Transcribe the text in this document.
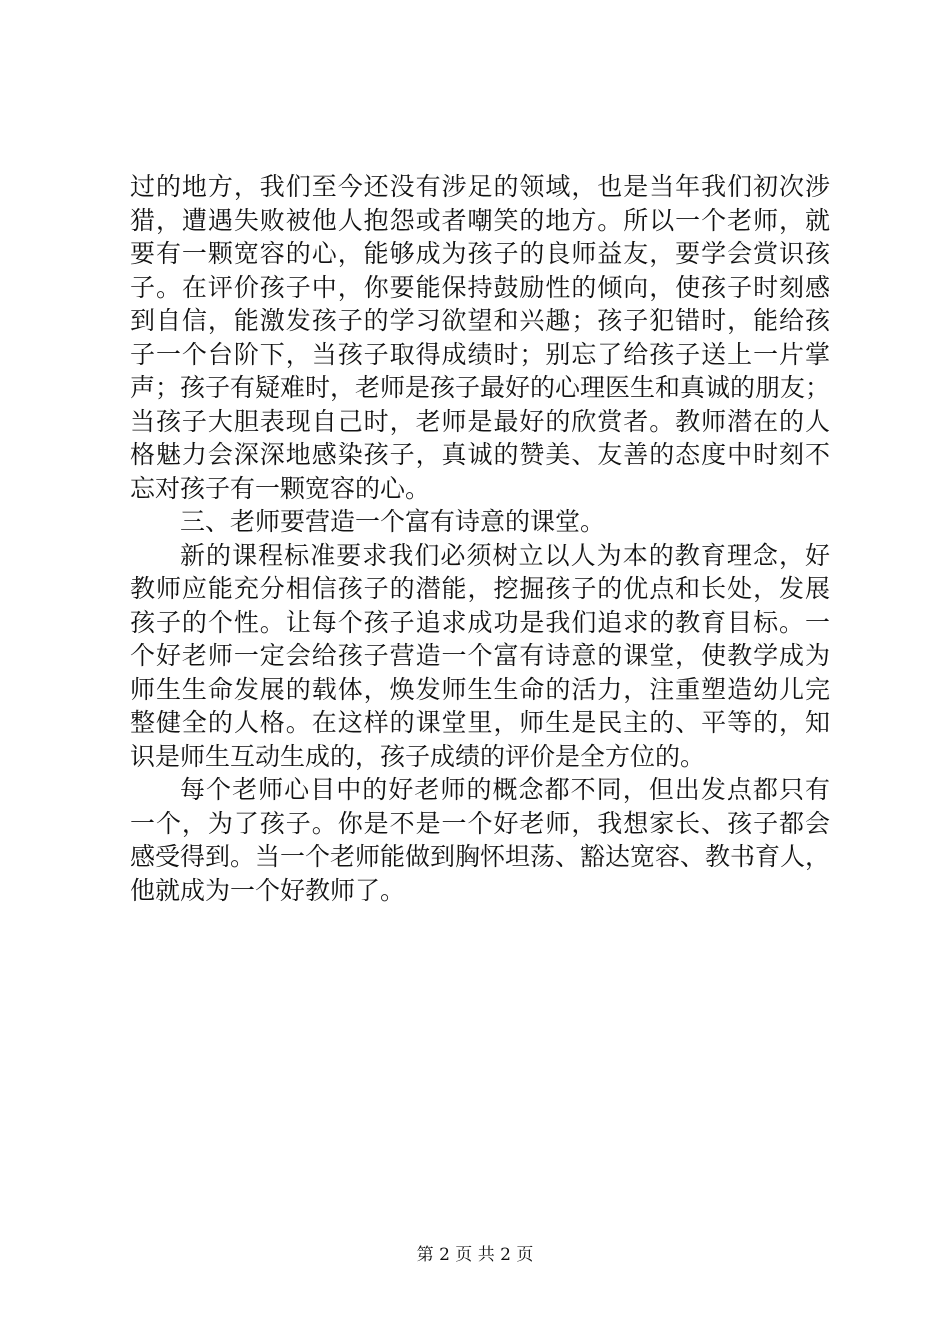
过的地方，我们至今还没有涉足的领域，也是当年我们初次涉
猎，遭遇失败被他人抱怨或者嘲笑的地方。所以一个老师，就
要有一颗宽容的心，能够成为孩子的良师益友，要学会赏识孩
子。在评价孩子中，你要能保持鼓励性的倾向，使孩子时刻感
到自信，能激发孩子的学习欲望和兴趣；孩子犯错时，能给孩
子一个台阶下，当孩子取得成绩时；别忘了给孩子送上一片掌
声；孩子有疑难时，老师是孩子最好的心理医生和真诚的朋友；
当孩子大胆表现自己时，老师是最好的欣赏者。教师潜在的人
格魅力会深深地感染孩子，真诚的赞美、友善的态度中时刻不
忘对孩子有一颗宽容的心。
三、老师要营造一个富有诗意的课堂。
新的课程标准要求我们必须树立以人为本的教育理念，好
教师应能充分相信孩子的潜能，挖掘孩子的优点和长处，发展
孩子的个性。让每个孩子追求成功是我们追求的教育目标。一
个好老师一定会给孩子营造一个富有诗意的课堂，使教学成为
师生生命发展的载体，焕发师生生命的活力，注重塑造幼儿完
整健全的人格。在这样的课堂里，师生是民主的、平等的，知
识是师生互动生成的，孩子成绩的评价是全方位的。
每个老师心目中的好老师的概念都不同，但出发点都只有
一个，为了孩子。你是不是一个好老师，我想家长、孩子都会
感受得到。当一个老师能做到胸怀坦荡、豁达宽容、教书育人，
他就成为一个好教师了。
第 2 页 共 2 页
